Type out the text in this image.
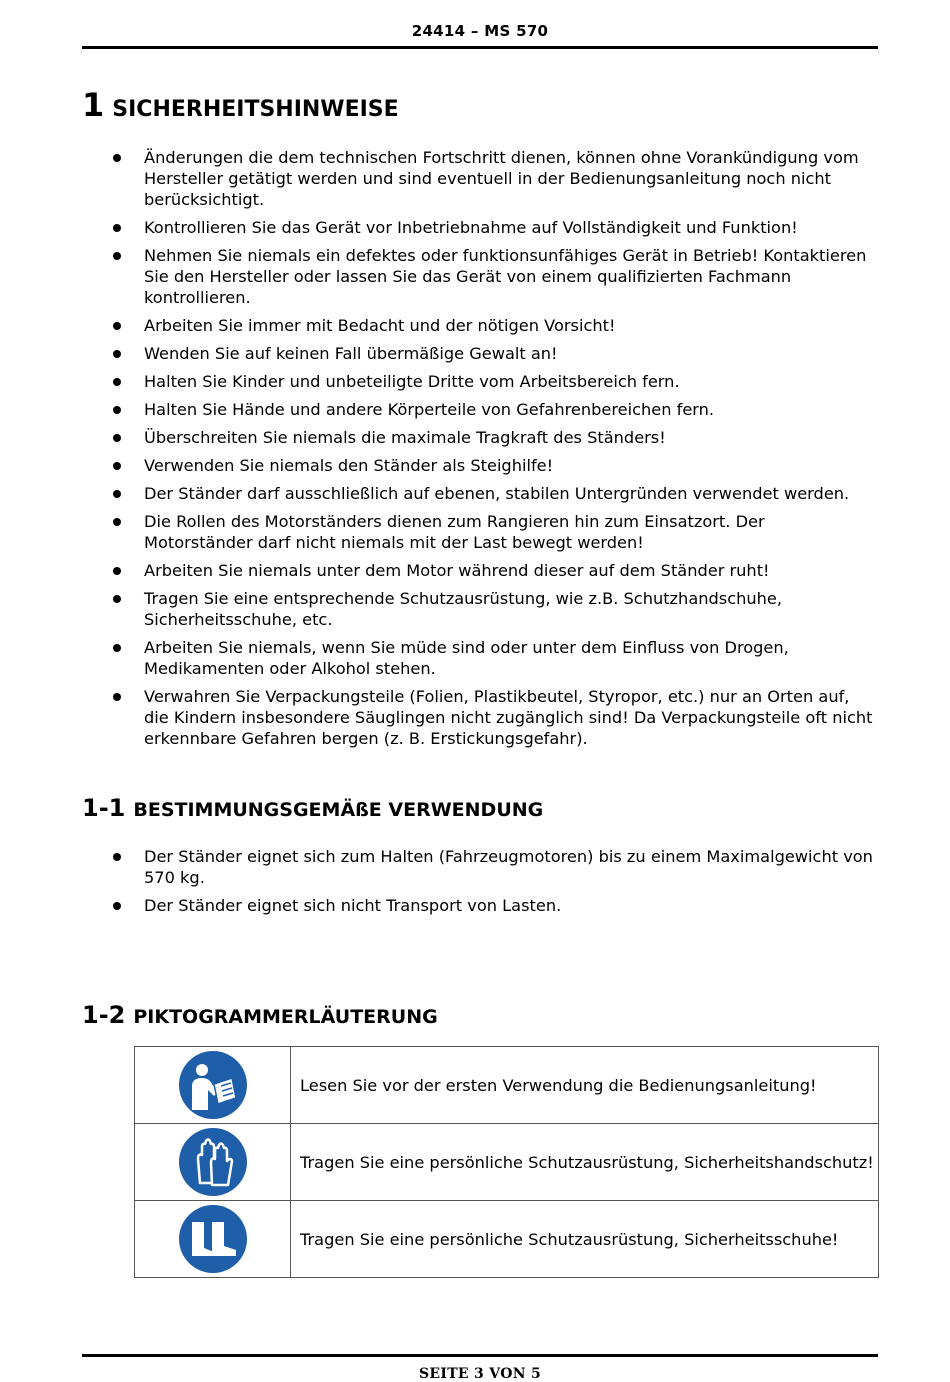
24414 – MS 570
1 SICHERHEITSHINWEISE
Änderungen die dem technischen Fortschritt dienen, können ohne Vorankündigung vom Hersteller getätigt werden und sind eventuell in der Bedienungsanleitung noch nicht berücksichtigt.
Kontrollieren Sie das Gerät vor Inbetriebnahme auf Vollständigkeit und Funktion!
Nehmen Sie niemals ein defektes oder funktionsunfähiges Gerät in Betrieb! Kontaktieren Sie den Hersteller oder lassen Sie das Gerät von einem qualifizierten Fachmann kontrollieren.
Arbeiten Sie immer mit Bedacht und der nötigen Vorsicht!
Wenden Sie auf keinen Fall übermäßige Gewalt an!
Halten Sie Kinder und unbeteiligte Dritte vom Arbeitsbereich fern.
Halten Sie Hände und andere Körperteile von Gefahrenbereichen fern.
Überschreiten Sie niemals die maximale Tragkraft des Ständers!
Verwenden Sie niemals den Ständer als Steighilfe!
Der Ständer darf ausschließlich auf ebenen, stabilen Untergründen verwendet werden.
Die Rollen des Motorständers dienen zum Rangieren hin zum Einsatzort. Der Motorständer darf nicht niemals mit der Last bewegt werden!
Arbeiten Sie niemals unter dem Motor während dieser auf dem Ständer ruht!
Tragen Sie eine entsprechende Schutzausrüstung, wie z.B. Schutzhandschuhe, Sicherheitsschuhe, etc.
Arbeiten Sie niemals, wenn Sie müde sind oder unter dem Einfluss von Drogen, Medikamenten oder Alkohol stehen.
Verwahren Sie Verpackungsteile (Folien, Plastikbeutel, Styropor, etc.) nur an Orten auf, die Kindern insbesondere Säuglingen nicht zugänglich sind! Da Verpackungsteile oft nicht erkennbare Gefahren bergen (z. B. Erstickungsgefahr).
1-1 BESTIMMUNGSGEMÄßE VERWENDUNG
Der Ständer eignet sich zum Halten (Fahrzeugmotoren) bis zu einem Maximalgewicht von 570 kg.
Der Ständer eignet sich nicht Transport von Lasten.
1-2 PIKTOGRAMMERLÄUTERUNG
	Lesen Sie vor der ersten Verwendung die Bedienungsanleitung!

	Tragen Sie eine persönliche Schutzausrüstung, Sicherheitshandschutz!

	Tragen Sie eine persönliche Schutzausrüstung, Sicherheitsschuhe!
SEITE 3 VON 5
